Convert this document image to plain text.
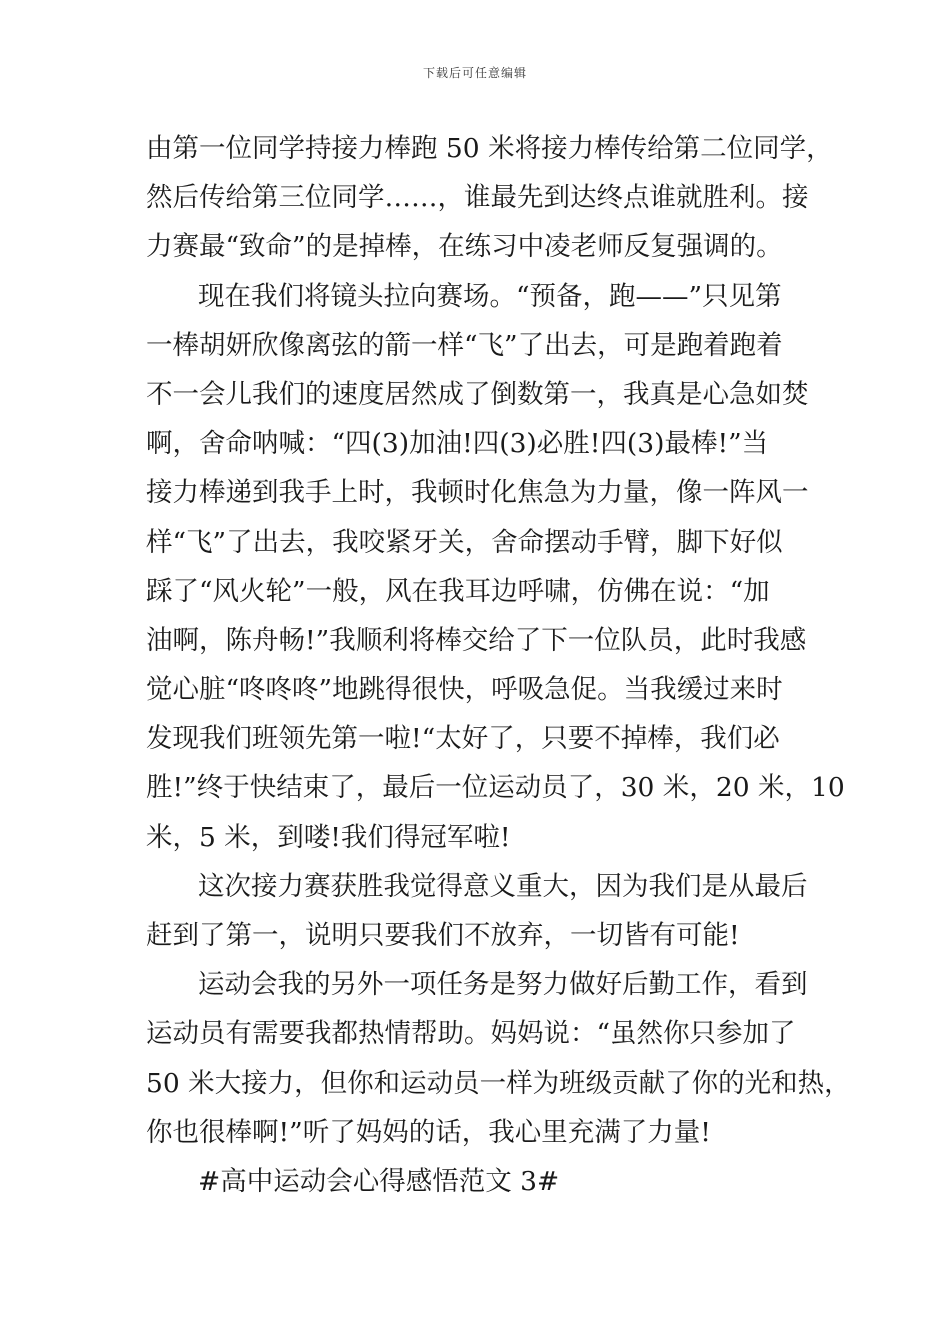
下载后可任意编辑
由第一位同学持接力棒跑 50 米将接力棒传给第二位同学，
然后传给第三位同学……，谁最先到达终点谁就胜利。接
力赛最“致命”的是掉棒，在练习中凌老师反复强调的。
现在我们将镜头拉向赛场。“预备，跑——”只见第
一棒胡妍欣像离弦的箭一样“飞”了出去，可是跑着跑着
不一会儿我们的速度居然成了倒数第一，我真是心急如焚
啊，舍命呐喊：“四(3)加油!四(3)必胜!四(3)最棒!”当
接力棒递到我手上时，我顿时化焦急为力量，像一阵风一
样“飞”了出去，我咬紧牙关，舍命摆动手臂，脚下好似
踩了“风火轮”一般，风在我耳边呼啸，仿佛在说：“加
油啊，陈舟畅!”我顺利将棒交给了下一位队员，此时我感
觉心脏“咚咚咚”地跳得很快，呼吸急促。当我缓过来时
发现我们班领先第一啦!“太好了，只要不掉棒，我们必
胜!”终于快结束了，最后一位运动员了，30 米，20 米，10
米，5 米，到喽!我们得冠军啦!
这次接力赛获胜我觉得意义重大，因为我们是从最后
赶到了第一，说明只要我们不放弃，一切皆有可能!
运动会我的另外一项任务是努力做好后勤工作，看到
运动员有需要我都热情帮助。妈妈说：“虽然你只参加了
50 米大接力，但你和运动员一样为班级贡献了你的光和热，
你也很棒啊!”听了妈妈的话，我心里充满了力量!
#高中运动会心得感悟范文 3#
